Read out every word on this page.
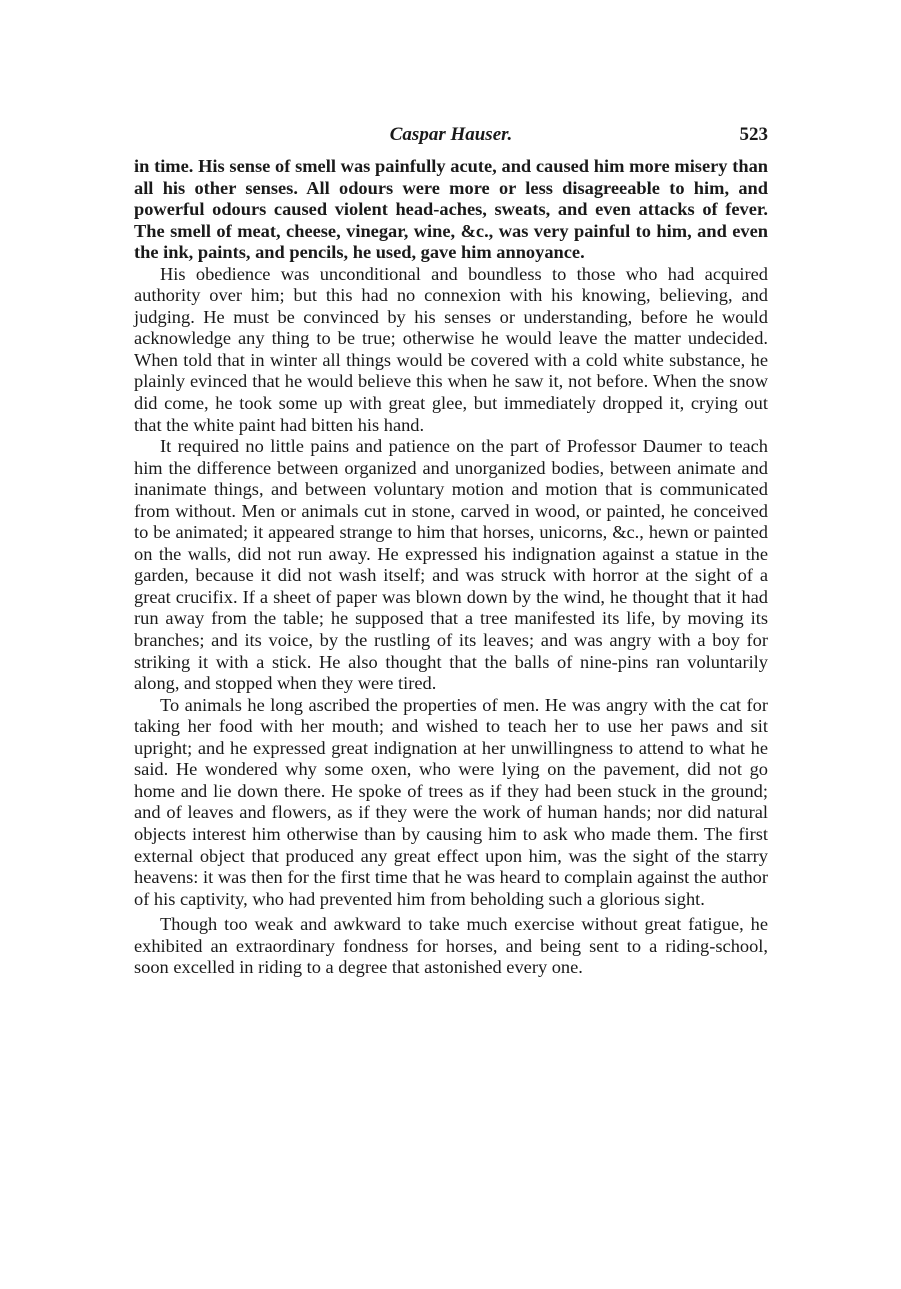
Caspar Hauser.	523

in time. His sense of smell was painfully acute, and caused him more misery than all his other senses. All odours were more or less disagreeable to him, and powerful odours caused violent head-aches, sweats, and even attacks of fever. The smell of meat, cheese, vinegar, wine, &c., was very painful to him, and even the ink, paints, and pencils, he used, gave him annoyance.

His obedience was unconditional and boundless to those who had acquired authority over him; but this had no connexion with his knowing, believing, and judging. He must be convinced by his senses or understanding, before he would acknowledge any thing to be true; otherwise he would leave the matter undecided. When told that in winter all things would be covered with a cold white substance, he plainly evinced that he would believe this when he saw it, not before. When the snow did come, he took some up with great glee, but immediately dropped it, crying out that the white paint had bitten his hand.

It required no little pains and patience on the part of Professor Daumer to teach him the difference between organized and unorganized bodies, between animate and inanimate things, and between voluntary motion and motion that is communicated from without. Men or animals cut in stone, carved in wood, or painted, he conceived to be animated; it appeared strange to him that horses, unicorns, &c., hewn or painted on the walls, did not run away. He expressed his indignation against a statue in the garden, because it did not wash itself; and was struck with horror at the sight of a great crucifix. If a sheet of paper was blown down by the wind, he thought that it had run away from the table; he supposed that a tree manifested its life, by moving its branches; and its voice, by the rustling of its leaves; and was angry with a boy for striking it with a stick. He also thought that the balls of nine-pins ran voluntarily along, and stopped when they were tired.

To animals he long ascribed the properties of men. He was angry with the cat for taking her food with her mouth; and wished to teach her to use her paws and sit upright; and he expressed great indignation at her unwillingness to attend to what he said. He wondered why some oxen, who were lying on the pavement, did not go home and lie down there. He spoke of trees as if they had been stuck in the ground; and of leaves and flowers, as if they were the work of human hands; nor did natural objects interest him otherwise than by causing him to ask who made them. The first external object that produced any great effect upon him, was the sight of the starry heavens: it was then for the first time that he was heard to complain against the author of his captivity, who had prevented him from beholding such a glorious sight.

Though too weak and awkward to take much exercise without great fatigue, he exhibited an extraordinary fondness for horses, and being sent to a riding-school, soon excelled in riding to a degree that astonished every one.
